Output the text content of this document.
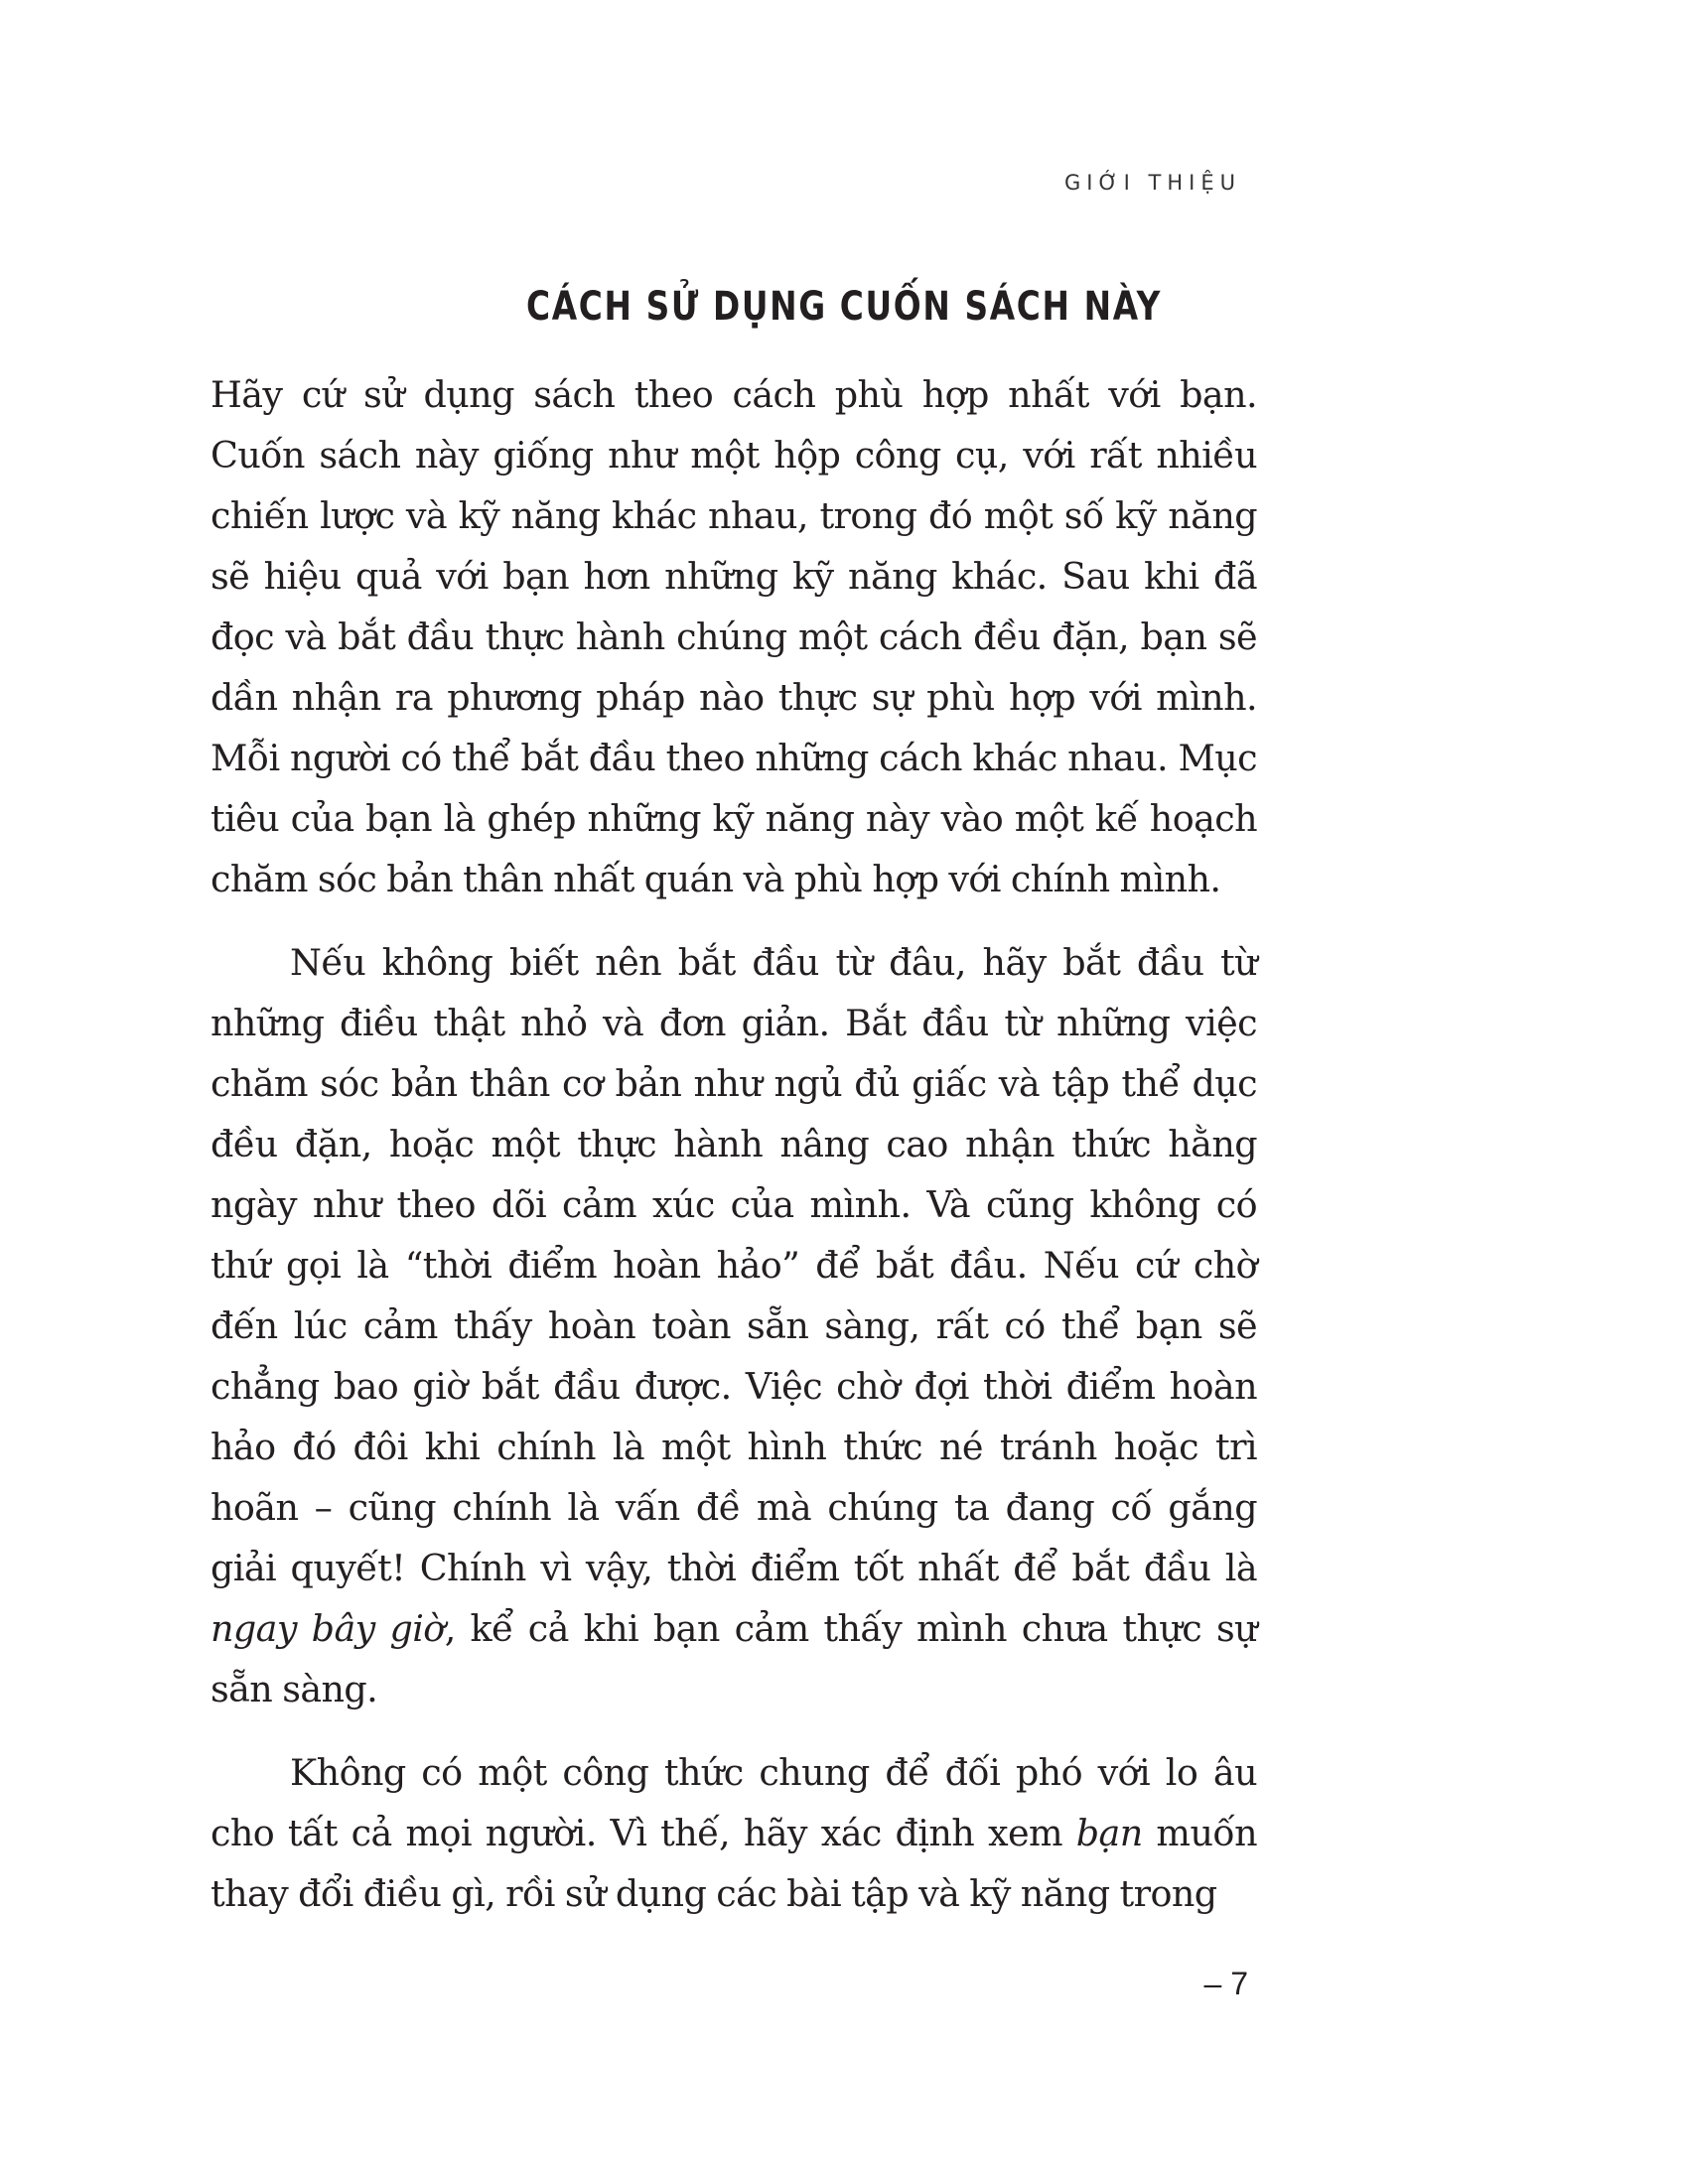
GIỚI THIỆU
CÁCH SỬ DỤNG CUỐN SÁCH NÀY

Hãy cứ sử dụng sách theo cách phù hợp nhất với bạn. Cuốn sách này giống như một hộp công cụ, với rất nhiều chiến lược và kỹ năng khác nhau, trong đó một số kỹ năng sẽ hiệu quả với bạn hơn những kỹ năng khác. Sau khi đã đọc và bắt đầu thực hành chúng một cách đều đặn, bạn sẽ dần nhận ra phương pháp nào thực sự phù hợp với mình. Mỗi người có thể bắt đầu theo những cách khác nhau. Mục tiêu của bạn là ghép những kỹ năng này vào một kế hoạch chăm sóc bản thân nhất quán và phù hợp với chính mình.

Nếu không biết nên bắt đầu từ đâu, hãy bắt đầu từ những điều thật nhỏ và đơn giản. Bắt đầu từ những việc chăm sóc bản thân cơ bản như ngủ đủ giấc và tập thể dục đều đặn, hoặc một thực hành nâng cao nhận thức hằng ngày như theo dõi cảm xúc của mình. Và cũng không có thứ gọi là “thời điểm hoàn hảo” để bắt đầu. Nếu cứ chờ đến lúc cảm thấy hoàn toàn sẵn sàng, rất có thể bạn sẽ chẳng bao giờ bắt đầu được. Việc chờ đợi thời điểm hoàn hảo đó đôi khi chính là một hình thức né tránh hoặc trì hoãn – cũng chính là vấn đề mà chúng ta đang cố gắng giải quyết! Chính vì vậy, thời điểm tốt nhất để bắt đầu là ngay bây giờ, kể cả khi bạn cảm thấy mình chưa thực sự sẵn sàng.

Không có một công thức chung để đối phó với lo âu cho tất cả mọi người. Vì thế, hãy xác định xem bạn muốn thay đổi điều gì, rồi sử dụng các bài tập và kỹ năng trong

– 7
